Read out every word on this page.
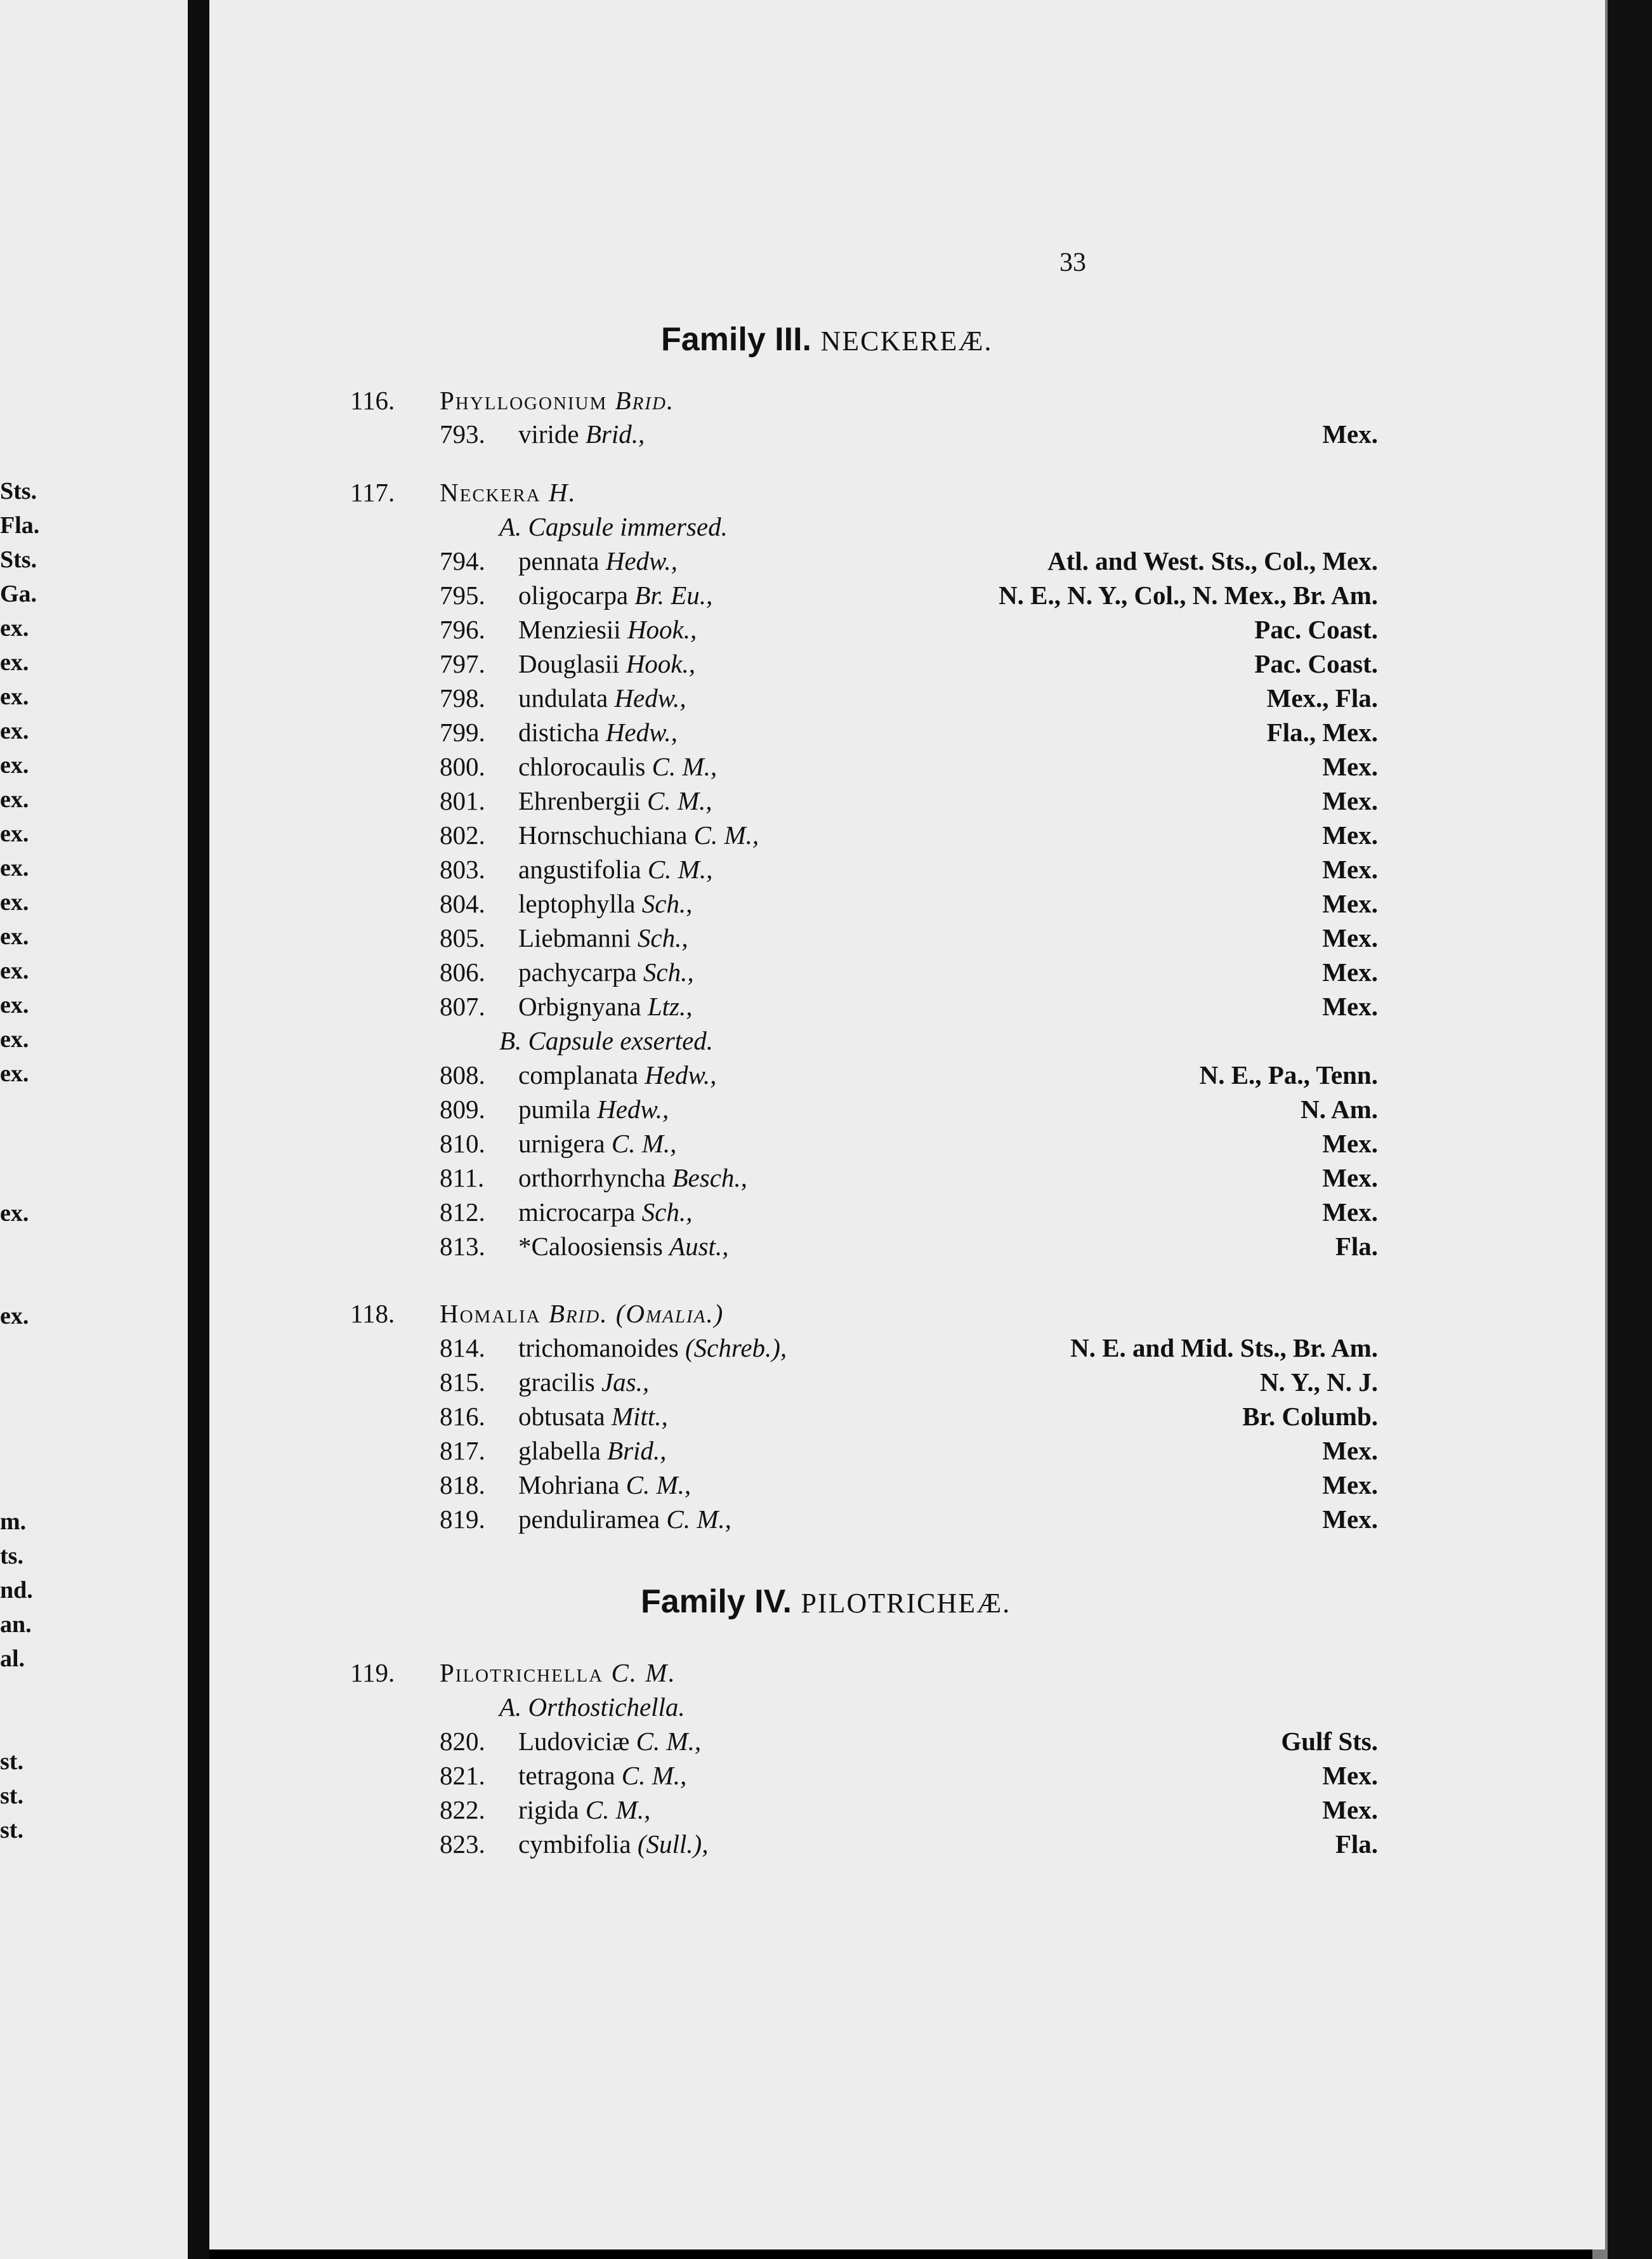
Sts.
Fla.
Sts.
Ga.
ex.
ex.
ex.
ex.
ex.
ex.
ex.
ex.
ex.
ex.
ex.
ex.
ex.
ex.
ex.
ex.
m.
ts.
nd.
an.
al.
st.
st.
st.
33
Family III. NECKEREÆ.
116. Phyllogonium Brid.
793. viride Brid.,	Mex.
117. Neckera H.
A. Capsule immersed.
794. pennata Hedw.,	Atl. and West. Sts., Col., Mex.
795. oligocarpa Br. Eu.,	N. E., N. Y., Col., N. Mex., Br. Am.
796. Menziesii Hook.,	Pac. Coast.
797. Douglasii Hook.,	Pac. Coast.
798. undulata Hedw.,	Mex., Fla.
799. disticha Hedw.,	Fla., Mex.
800. chlorocaulis C. M.,	Mex.
801. Ehrenbergii C. M.,	Mex.
802. Hornschuchiana C. M.,	Mex.
803. angustifolia C. M.,	Mex.
804. leptophylla Sch.,	Mex.
805. Liebmanni Sch.,	Mex.
806. pachycarpa Sch.,	Mex.
807. Orbignyana Ltz.,	Mex.
B. Capsule exserted.
808. complanata Hedw.,	N. E., Pa., Tenn.
809. pumila Hedw.,	N. Am.
810. urnigera C. M.,	Mex.
811. orthorrhyncha Besch.,	Mex.
812. microcarpa Sch.,	Mex.
813. *Caloosiensis Aust.,	Fla.
118. Homalia Brid. (Omalia.)
814. trichomanoides (Schreb.),	N. E. and Mid. Sts., Br. Am.
815. gracilis Jas.,	N. Y., N. J.
816. obtusata Mitt.,	Br. Columb.
817. glabella Brid.,	Mex.
818. Mohriana C. M.,	Mex.
819. penduliramea C. M.,	Mex.
Family IV. PILOTRICHEÆ.
119. Pilotrichella C. M.
A. Orthostichella.
820. Ludoviciæ C. M.,	Gulf Sts.
821. tetragona C. M.,	Mex.
822. rigida C. M.,	Mex.
823. cymbifolia (Sull.),	Fla.
